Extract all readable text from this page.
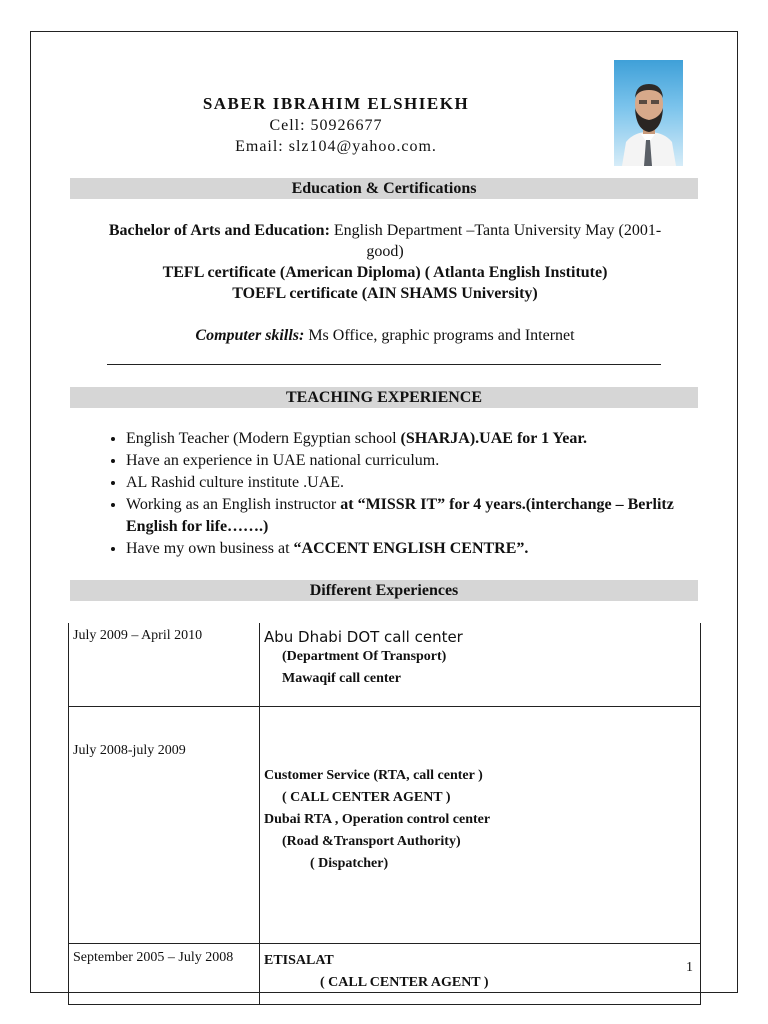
SABER IBRAHIM ELSHIEKH
Cell: 50926677
Email: slz104@yahoo.com.
Education & Certifications
Bachelor of Arts and Education: English Department –Tanta University May (2001-
good)
TEFL certificate (American Diploma) ( Atlanta English Institute)
TOEFL certificate (AIN SHAMS University)
Computer skills: Ms Office, graphic programs and Internet
TEACHING EXPERIENCE
• English Teacher (Modern Egyptian school (SHARJA).UAE for 1 Year.
• Have an experience in UAE national curriculum.
• AL Rashid culture institute .UAE.
• Working as an English instructor at “MISSR IT” for 4 years.(interchange – Berlitz English for life…….)
• Have my own business at “ACCENT ENGLISH CENTRE”.
Different Experiences
July 2009 – April 2010	Abu Dhabi DOT call center
(Department Of Transport)
Mawaqif call center

July 2008-july 2009	Customer Service (RTA, call center )
( CALL CENTER AGENT )
Dubai RTA , Operation control center
(Road &Transport Authority)
( Dispatcher)

September 2005 – July 2008	ETISALAT
( CALL CENTER AGENT )
1
